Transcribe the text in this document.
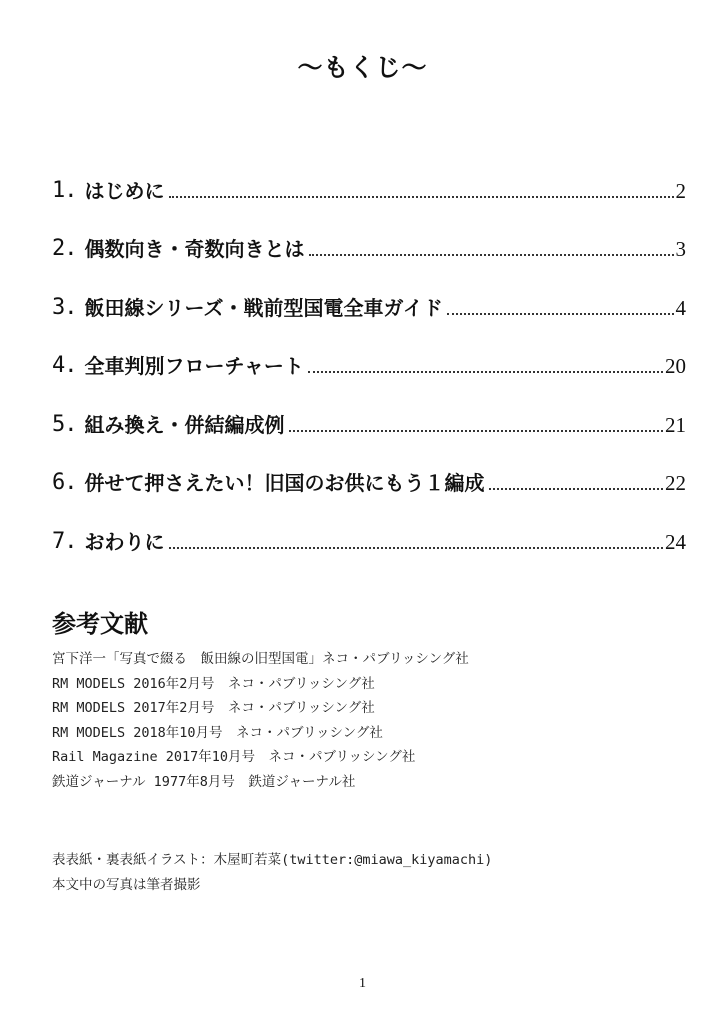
〜もくじ〜
1. はじめに	2
2. 偶数向き・奇数向きとは	3
3. 飯田線シリーズ・戦前型国電全車ガイド	4
4. 全車判別フローチャート	20
5. 組み換え・併結編成例	21
6. 併せて押さえたい！旧国のお供にもう１編成	22
7. おわりに	24
参考文献
宮下洋一「写真で綴る　飯田線の旧型国電」ネコ・パブリッシング社
RM MODELS 2016年2月号　ネコ・パブリッシング社
RM MODELS 2017年2月号　ネコ・パブリッシング社
RM MODELS 2018年10月号　ネコ・パブリッシング社
Rail Magazine 2017年10月号　ネコ・パブリッシング社
鉄道ジャーナル 1977年8月号　鉄道ジャーナル社
表表紙・裏表紙イラスト：木屋町若菜(twitter:@miawa_kiyamachi)
本文中の写真は筆者撮影
1
